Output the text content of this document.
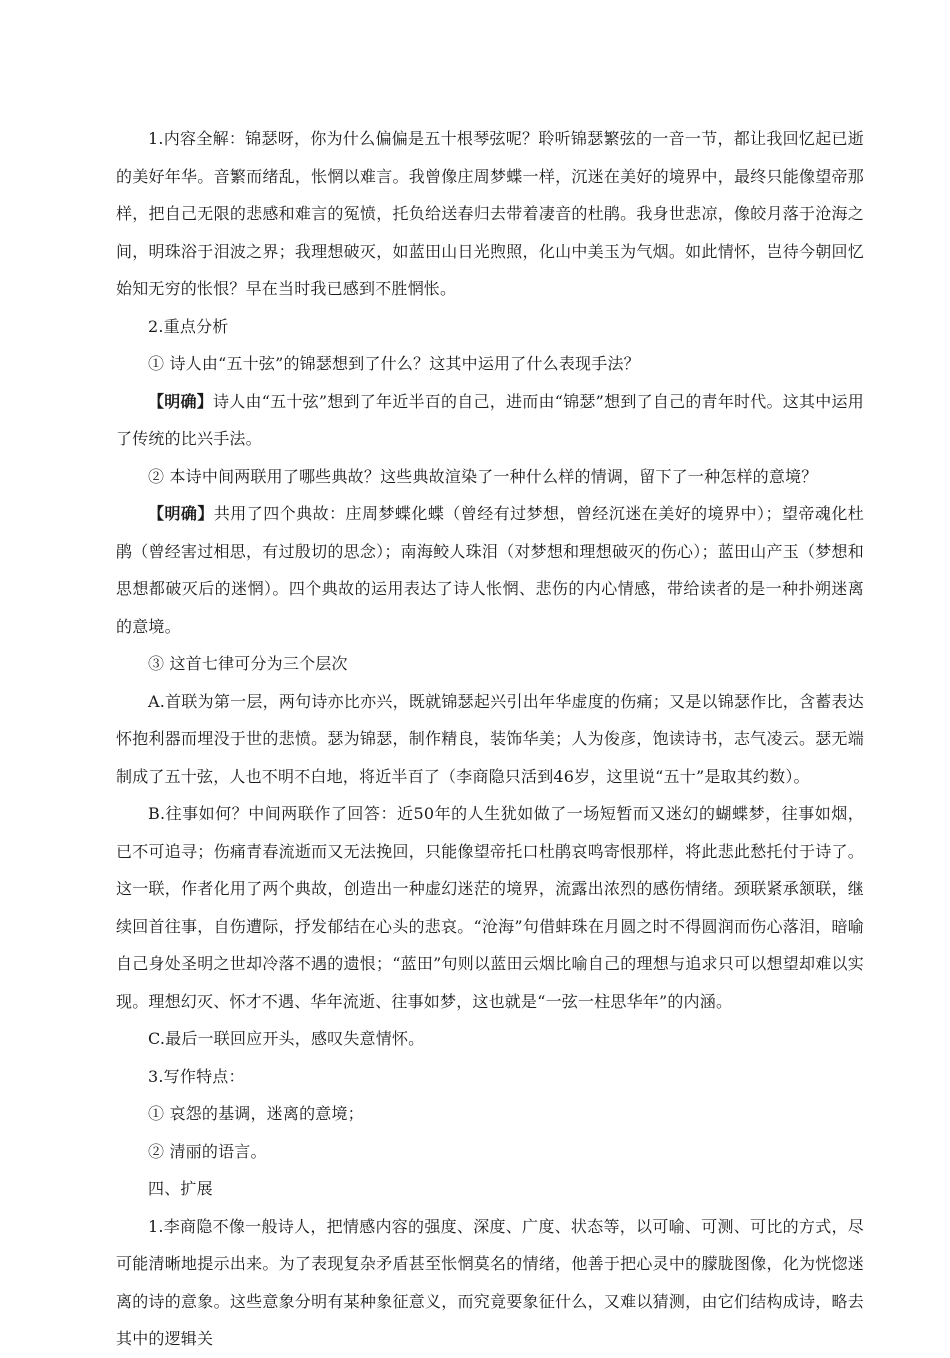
1.内容全解：锦瑟呀，你为什么偏偏是五十根琴弦呢？聆听锦瑟繁弦的一音一节，都让我回忆起已逝的美好年华。音繁而绪乱，怅惘以难言。我曾像庄周梦蝶一样，沉迷在美好的境界中，最终只能像望帝那样，把自己无限的悲感和难言的冤愤，托负给送春归去带着凄音的杜鹃。我身世悲凉，像皎月落于沧海之间，明珠浴于泪波之界；我理想破灭，如蓝田山日光煦照，化山中美玉为气烟。如此情怀，岂待今朝回忆始知无穷的怅恨？早在当时我已感到不胜惘怅。

2.重点分析

① 诗人由“五十弦”的锦瑟想到了什么？这其中运用了什么表现手法？

【明确】诗人由“五十弦”想到了年近半百的自己，进而由“锦瑟”想到了自己的青年时代。这其中运用了传统的比兴手法。

② 本诗中间两联用了哪些典故？这些典故渲染了一种什么样的情调，留下了一种怎样的意境？

【明确】共用了四个典故：庄周梦蝶化蝶（曾经有过梦想，曾经沉迷在美好的境界中）；望帝魂化杜鹃（曾经害过相思，有过殷切的思念）；南海鲛人珠泪（对梦想和理想破灭的伤心）；蓝田山产玉（梦想和思想都破灭后的迷惘）。四个典故的运用表达了诗人怅惘、悲伤的内心情感，带给读者的是一种扑朔迷离的意境。

③ 这首七律可分为三个层次

A.首联为第一层，两句诗亦比亦兴，既就锦瑟起兴引出年华虚度的伤痛；又是以锦瑟作比，含蓄表达怀抱利器而埋没于世的悲愤。瑟为锦瑟，制作精良，装饰华美；人为俊彦，饱读诗书，志气凌云。瑟无端制成了五十弦，人也不明不白地，将近半百了（李商隐只活到46岁，这里说“五十”是取其约数）。

B.往事如何？中间两联作了回答：近50年的人生犹如做了一场短暂而又迷幻的蝴蝶梦，往事如烟，已不可追寻；伤痛青春流逝而又无法挽回，只能像望帝托口杜鹃哀鸣寄恨那样，将此悲此愁托付于诗了。这一联，作者化用了两个典故，创造出一种虚幻迷茫的境界，流露出浓烈的感伤情绪。颈联紧承颔联，继续回首往事，自伤遭际，抒发郁结在心头的悲哀。“沧海”句借蚌珠在月圆之时不得圆润而伤心落泪，暗喻自己身处圣明之世却冷落不遇的遗恨；“蓝田”句则以蓝田云烟比喻自己的理想与追求只可以想望却难以实现。理想幻灭、怀才不遇、华年流逝、往事如梦，这也就是“一弦一柱思华年”的内涵。

C.最后一联回应开头，感叹失意情怀。

3.写作特点：

① 哀怨的基调，迷离的意境；

② 清丽的语言。

四、扩展

1.李商隐不像一般诗人，把情感内容的强度、深度、广度、状态等，以可喻、可测、可比的方式，尽可能清晰地提示出来。为了表现复杂矛盾甚至怅惘莫名的情绪，他善于把心灵中的朦胧图像，化为恍惚迷离的诗的意象。这些意象分明有某种象征意义，而究竟要象征什么，又难以猜测，由它们结构成诗，略去其中的逻辑关
